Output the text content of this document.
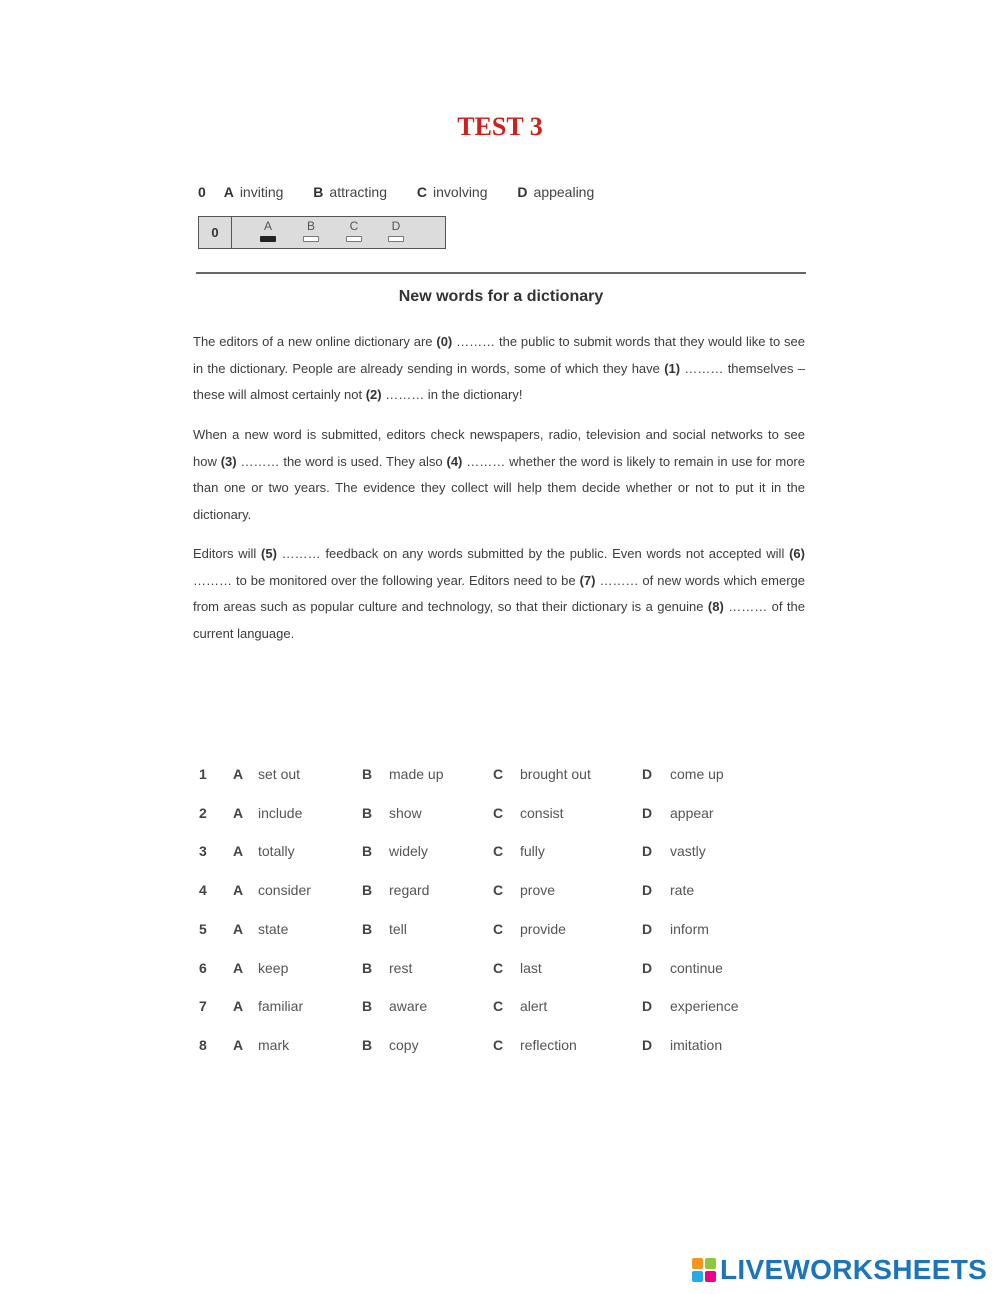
TEST 3
0 A inviting B attracting C involving D appealing
0	A	B	C	D
New words for a dictionary
The editors of a new online dictionary are (0) ……… the public to submit words that they would like to see in the dictionary. People are already sending in words, some of which they have (1) ……… themselves – these will almost certainly not (2) ……… in the dictionary!
When a new word is submitted, editors check newspapers, radio, television and social networks to see how (3) ……… the word is used. They also (4) ……… whether the word is likely to remain in use for more than one or two years. The evidence they collect will help them decide whether or not to put it in the dictionary.
Editors will (5) ……… feedback on any words submitted by the public. Even words not accepted will (6) ……… to be monitored over the following year. Editors need to be (7) ……… of new words which emerge from areas such as popular culture and technology, so that their dictionary is a genuine (8) ……… of the current language.
1 A set out	B made up	C brought out	D come up
2 A include	B show	C consist	D appear
3 A totally	B widely	C fully	D vastly
4 A consider	B regard	C prove	D rate
5 A state	B tell	C provide	D inform
6 A keep	B rest	C last	D continue
7 A familiar	B aware	C alert	D experience
8 A mark	B copy	C reflection	D imitation
LIVEWORKSHEETS
